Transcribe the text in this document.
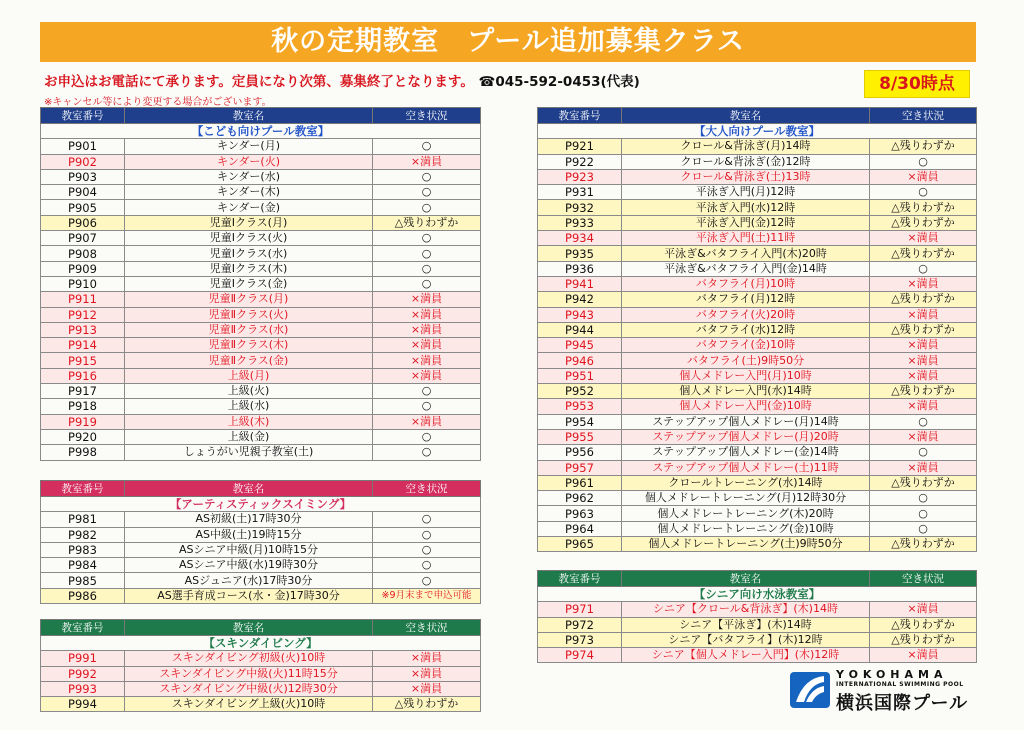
秋の定期教室　プール追加募集クラス
お申込はお電話にて承ります。定員になり次第、募集終了となります。 ☎045-592-0453(代表)
※キャンセル等により変更する場合がございます。
8/30時点
教室番号	教室名	空き状況
【こども向けプール教室】		
P901	キンダー(月)	○
P902	キンダー(火)	×満員
P903	キンダー(水)	○
P904	キンダー(木)	○
P905	キンダー(金)	○
P906	児童Ⅰクラス(月)	△残りわずか
P907	児童Ⅰクラス(火)	○
P908	児童Ⅰクラス(水)	○
P909	児童Ⅰクラス(木)	○
P910	児童Ⅰクラス(金)	○
P911	児童Ⅱクラス(月)	×満員
P912	児童Ⅱクラス(火)	×満員
P913	児童Ⅱクラス(水)	×満員
P914	児童Ⅱクラス(木)	×満員
P915	児童Ⅱクラス(金)	×満員
P916	上級(月)	×満員
P917	上級(火)	○
P918	上級(水)	○
P919	上級(木)	×満員
P920	上級(金)	○
P998	しょうがい児親子教室(土)	○
教室番号	教室名	空き状況
【アーティスティックスイミング】		
P981	AS初級(土)17時30分	○
P982	AS中級(土)19時15分	○
P983	ASシニア中級(月)10時15分	○
P984	ASシニア中級(水)19時30分	○
P985	ASジュニア(水)17時30分	○
P986	AS選手育成コース(水・金)17時30分	※9月末まで申込可能
教室番号	教室名	空き状況
【スキンダイビング】		
P991	スキンダイビング初級(火)10時	×満員
P992	スキンダイビング中級(火)11時15分	×満員
P993	スキンダイビング中級(火)12時30分	×満員
P994	スキンダイビング上級(火)10時	△残りわずか
教室番号	教室名	空き状況
【大人向けプール教室】		
P921	クロール&背泳ぎ(月)14時	△残りわずか
P922	クロール&背泳ぎ(金)12時	○
P923	クロール&背泳ぎ(土)13時	×満員
P931	平泳ぎ入門(月)12時	○
P932	平泳ぎ入門(水)12時	△残りわずか
P933	平泳ぎ入門(金)12時	△残りわずか
P934	平泳ぎ入門(土)11時	×満員
P935	平泳ぎ&バタフライ入門(木)20時	△残りわずか
P936	平泳ぎ&バタフライ入門(金)14時	○
P941	バタフライ(月)10時	×満員
P942	バタフライ(月)12時	△残りわずか
P943	バタフライ(火)20時	×満員
P944	バタフライ(水)12時	△残りわずか
P945	バタフライ(金)10時	×満員
P946	バタフライ(土)9時50分	×満員
P951	個人メドレー入門(月)10時	×満員
P952	個人メドレー入門(水)14時	△残りわずか
P953	個人メドレー入門(金)10時	×満員
P954	ステップアップ個人メドレー(月)14時	○
P955	ステップアップ個人メドレー(月)20時	×満員
P956	ステップアップ個人メドレー(金)14時	○
P957	ステップアップ個人メドレー(土)11時	×満員
P961	クロールトレーニング(水)14時	△残りわずか
P962	個人メドレートレーニング(月)12時30分	○
P963	個人メドレートレーニング(木)20時	○
P964	個人メドレートレーニング(金)10時	○
P965	個人メドレートレーニング(土)9時50分	△残りわずか
教室番号	教室名	空き状況
【シニア向け水泳教室】		
P971	シニア【クロール&背泳ぎ】(木)14時	×満員
P972	シニア【平泳ぎ】(木)14時	△残りわずか
P973	シニア【バタフライ】(木)12時	△残りわずか
P974	シニア【個人メドレー入門】(木)12時	×満員
YOKOHAMA
INTERNATIONAL SWIMMING POOL
横浜国際プール
